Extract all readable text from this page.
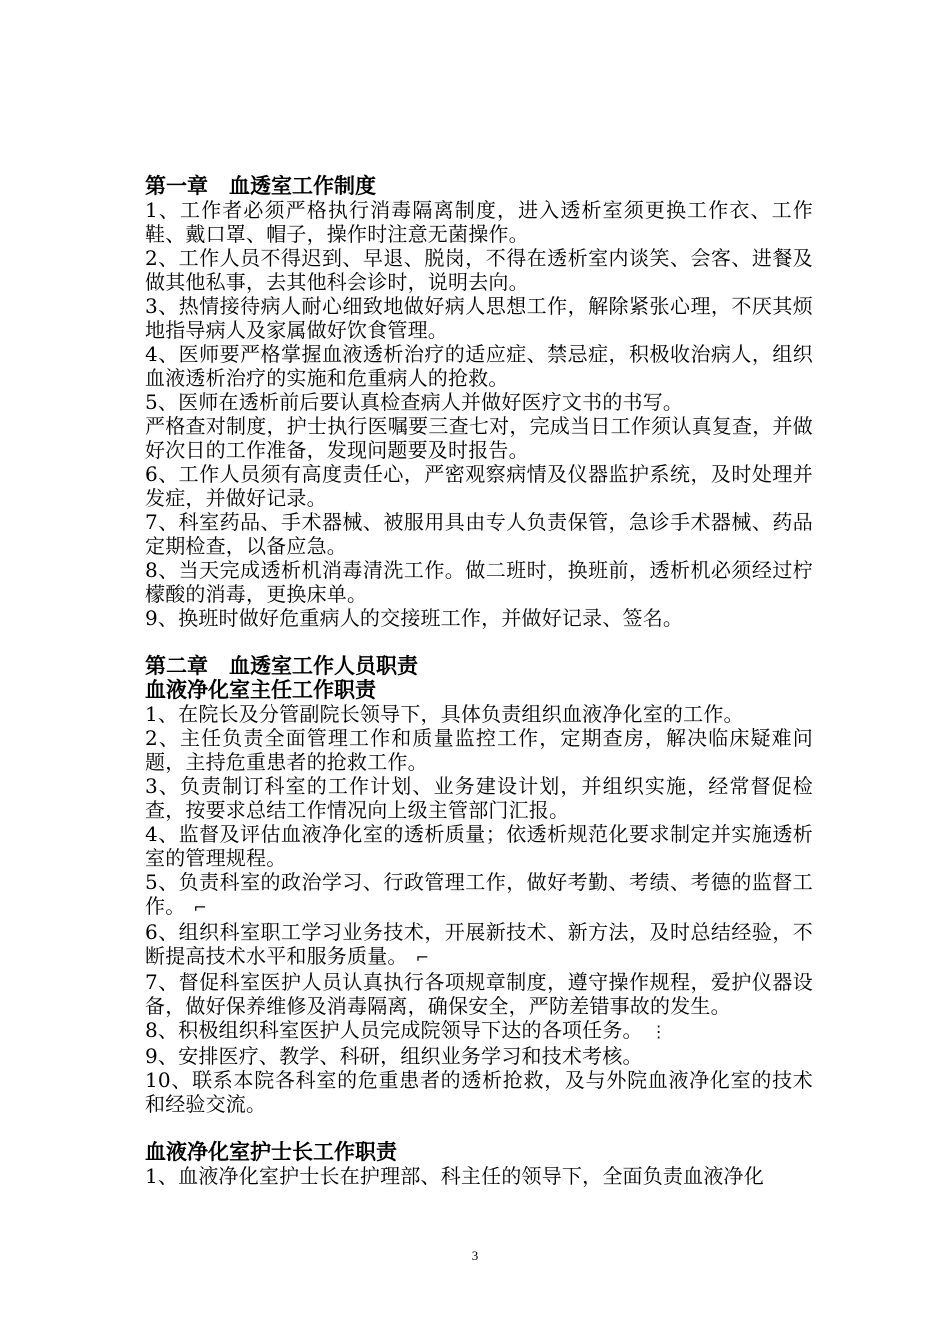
第一章　血透室工作制度

1、工作者必须严格执行消毒隔离制度，进入透析室须更换工作衣、工作鞋、戴口罩、帽子，操作时注意无菌操作。

2、工作人员不得迟到、早退、脱岗，不得在透析室内谈笑、会客、进餐及做其他私事，去其他科会诊时，说明去向。

3、热情接待病人耐心细致地做好病人思想工作，解除紧张心理，不厌其烦地指导病人及家属做好饮食管理。

4、医师要严格掌握血液透析治疗的适应症、禁忌症，积极收治病人，组织血液透析治疗的实施和危重病人的抢救。

5、医师在透析前后要认真检查病人并做好医疗文书的书写。

严格查对制度，护士执行医嘱要三查七对，完成当日工作须认真复查，并做好次日的工作准备，发现问题要及时报告。

6、工作人员须有高度责任心，严密观察病情及仪器监护系统，及时处理并发症，并做好记录。

7、科室药品、手术器械、被服用具由专人负责保管，急诊手术器械、药品定期检查，以备应急。

8、当天完成透析机消毒清洗工作。做二班时，换班前，透析机必须经过柠檬酸的消毒，更换床单。

9、换班时做好危重病人的交接班工作，并做好记录、签名。

第二章　血透室工作人员职责

血液净化室主任工作职责

1、在院长及分管副院长领导下，具体负责组织血液净化室的工作。

2、主任负责全面管理工作和质量监控工作，定期查房，解决临床疑难问题，主持危重患者的抢救工作。

3、负责制订科室的工作计划、业务建设计划，并组织实施，经常督促检查，按要求总结工作情况向上级主管部门汇报。

4、监督及评估血液净化室的透析质量；依透析规范化要求制定并实施透析室的管理规程。

5、负责科室的政治学习、行政管理工作，做好考勤、考绩、考德的监督工作。 ⌐

6、组织科室职工学习业务技术，开展新技术、新方法，及时总结经验，不断提高技术水平和服务质量。 ⌐

7、督促科室医护人员认真执行各项规章制度，遵守操作规程，爱护仪器设备，做好保养维修及消毒隔离，确保安全，严防差错事故的发生。

8、积极组织科室医护人员完成院领导下达的各项任务。 ⋮

9、安排医疗、教学、科研，组织业务学习和技术考核。

10、联系本院各科室的危重患者的透析抢救，及与外院血液净化室的技术和经验交流。

血液净化室护士长工作职责

1、血液净化室护士长在护理部、科主任的领导下，全面负责血液净化

3
